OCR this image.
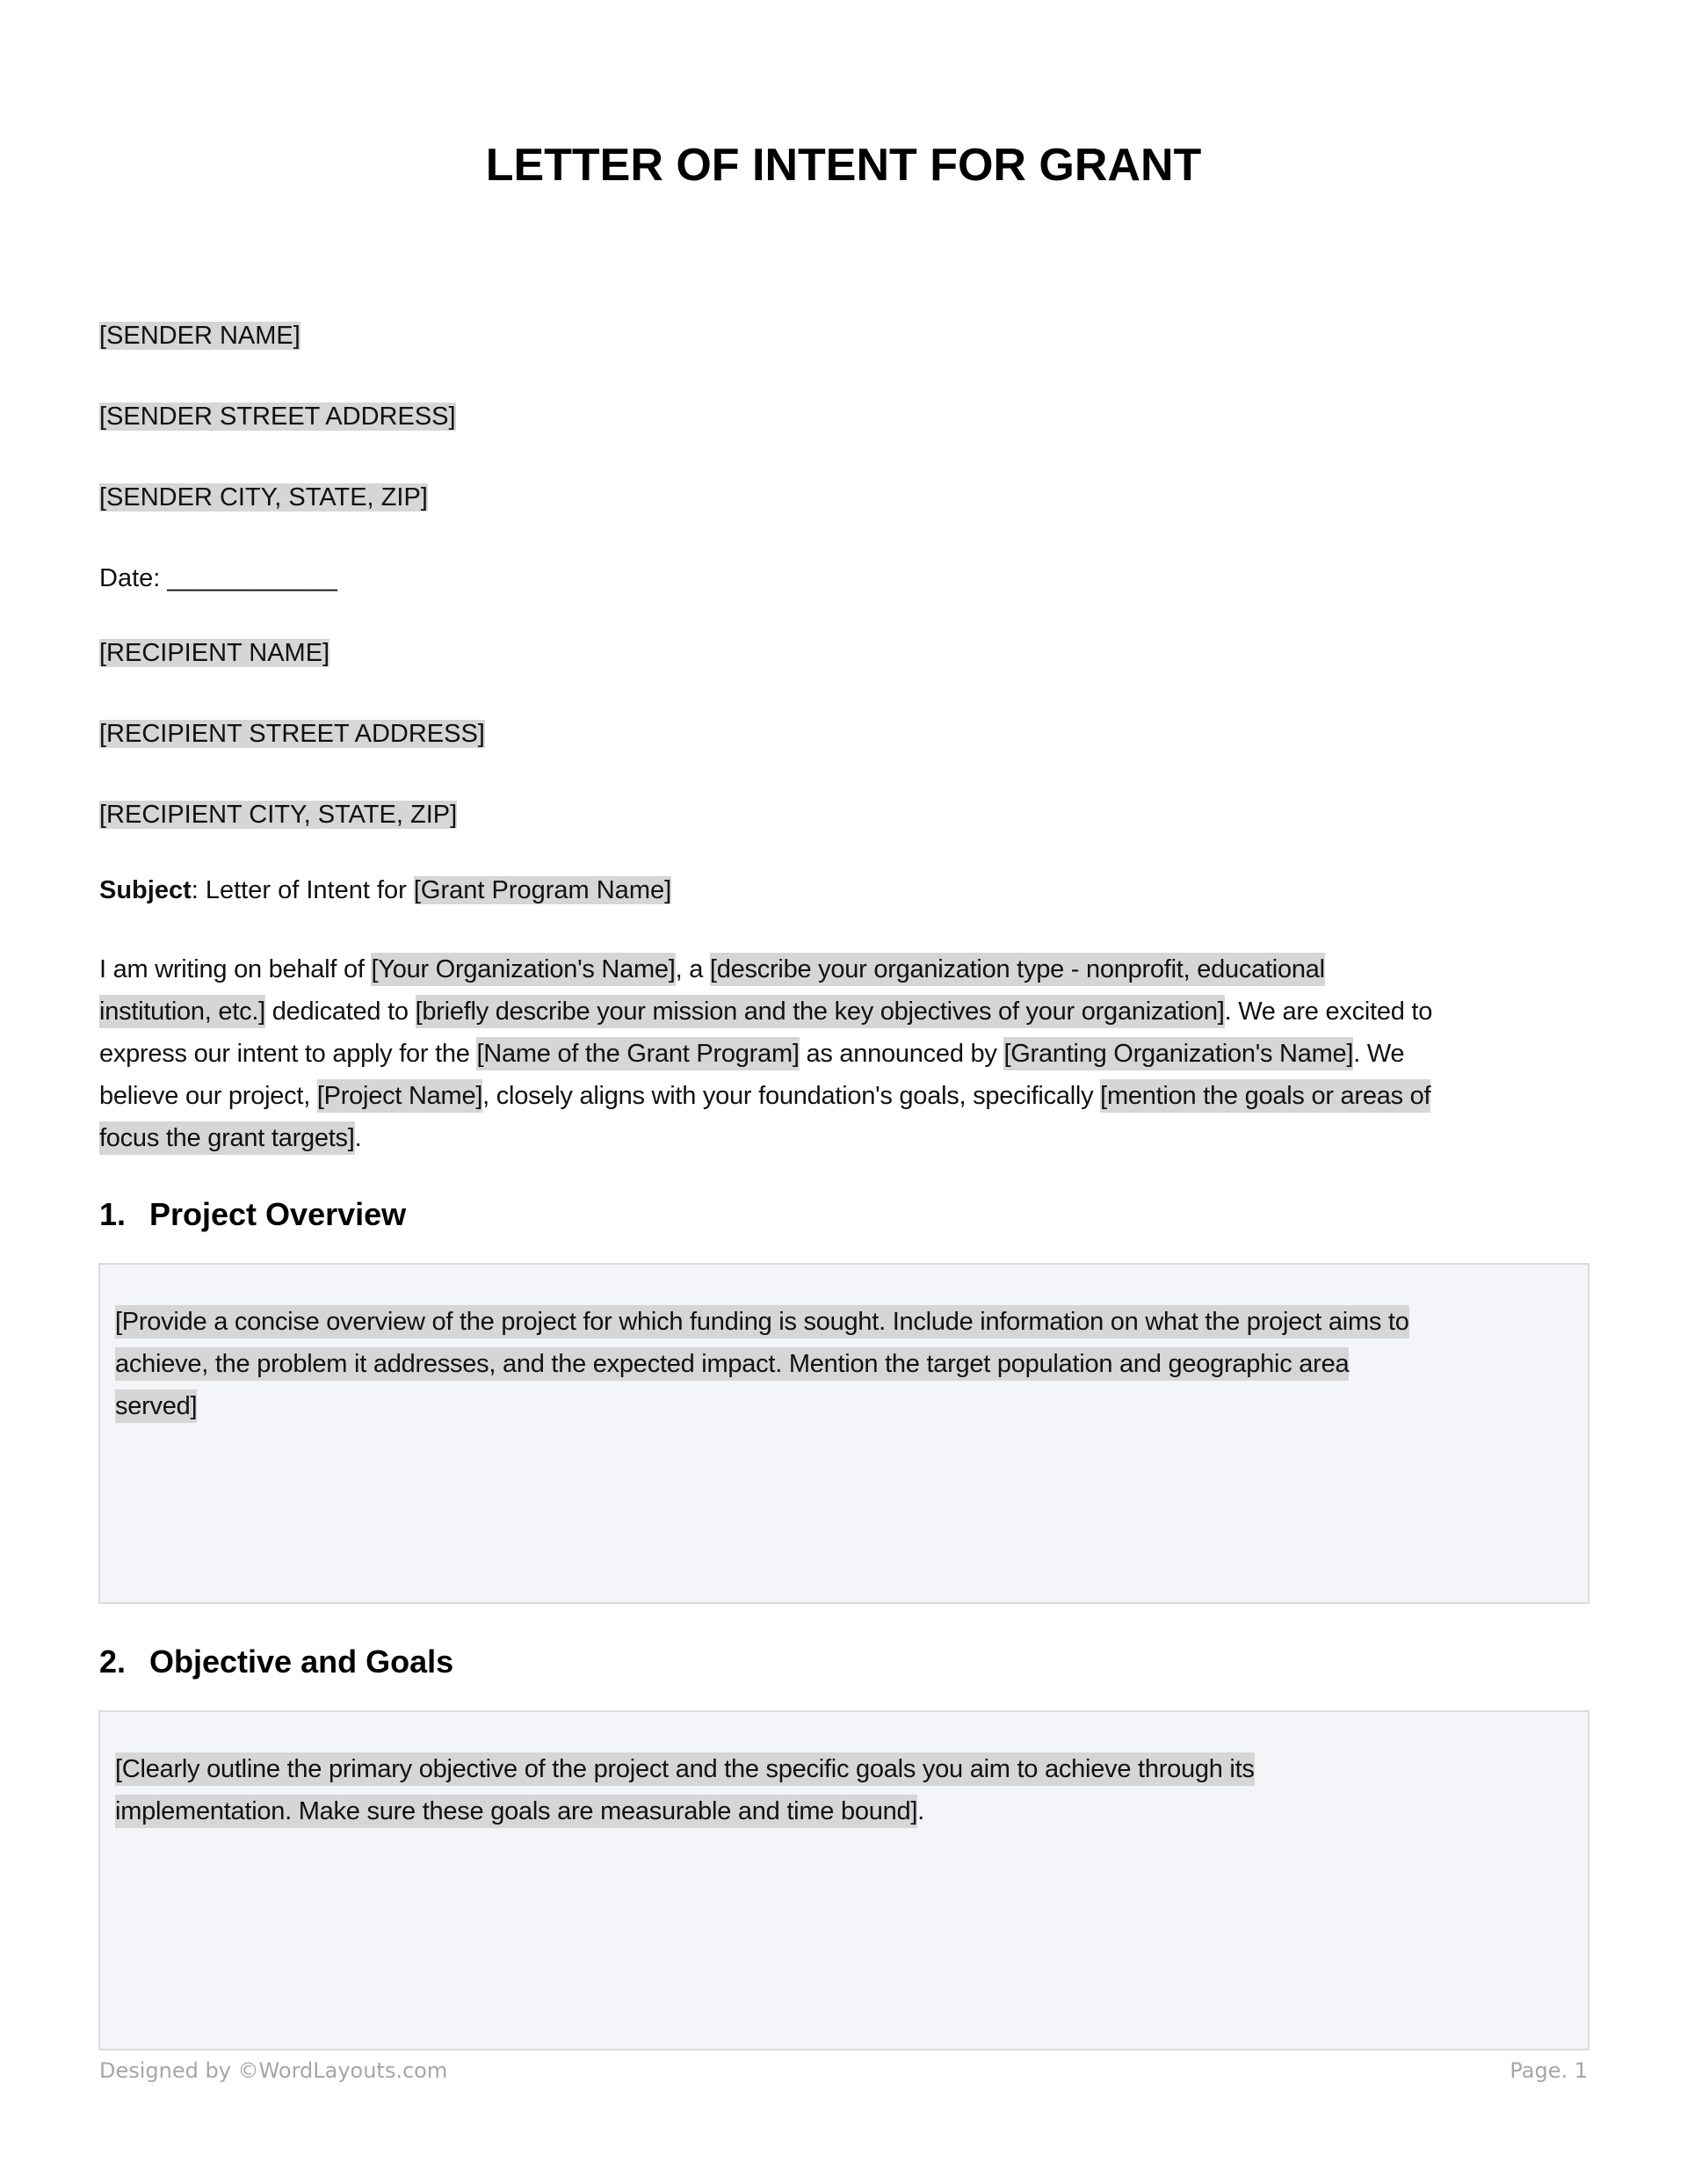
LETTER OF INTENT FOR GRANT
[SENDER NAME]
[SENDER STREET ADDRESS]
[SENDER CITY, STATE, ZIP]
Date: ____________
[RECIPIENT NAME]
[RECIPIENT STREET ADDRESS]
[RECIPIENT CITY, STATE, ZIP]
Subject: Letter of Intent for [Grant Program Name]
I am writing on behalf of [Your Organization's Name], a [describe your organization type - nonprofit, educational
institution, etc.] dedicated to [briefly describe your mission and the key objectives of your organization]. We are excited to
express our intent to apply for the [Name of the Grant Program] as announced by [Granting Organization's Name]. We
believe our project, [Project Name], closely aligns with your foundation's goals, specifically [mention the goals or areas of
focus the grant targets].
1. Project Overview
[Provide a concise overview of the project for which funding is sought. Include information on what the project aims to
achieve, the problem it addresses, and the expected impact. Mention the target population and geographic area
served]
2. Objective and Goals
[Clearly outline the primary objective of the project and the specific goals you aim to achieve through its
implementation. Make sure these goals are measurable and time bound].
Designed by ©WordLayouts.com	Page. 1
